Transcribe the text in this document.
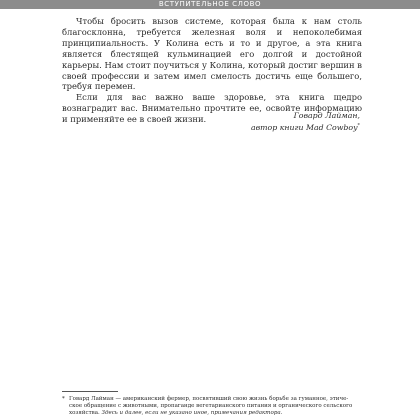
ВСТУПИТЕЛЬНОЕ СЛОВО

Чтобы бросить вызов системе, которая была к нам столь благосклонна, требуется железная воля и непоколебимая принципиальность. У Колина есть и то и другое, а эта книга является блестящей кульминацией его долгой и достойной карьеры. Нам стоит поучиться у Колина, который достиг вершин в своей профессии и затем имел смелость достичь еще большего, требуя перемен.

Если для вас важно ваше здоровье, эта книга щедро вознаградит вас. Внимательно прочтите ее, освойте информацию и применяйте ее в своей жизни.	Говард Лайман,
автор книги Mad Cowboy*
* Говард Лайман — американский фермер, посвятивший свою жизнь борьбе за гуманное, этиче-
ское обращение с животными, пропаганде вегетарианского питания и органического сельского
хозяйства. Здесь и далее, если не указано иное, примечания редактора.
